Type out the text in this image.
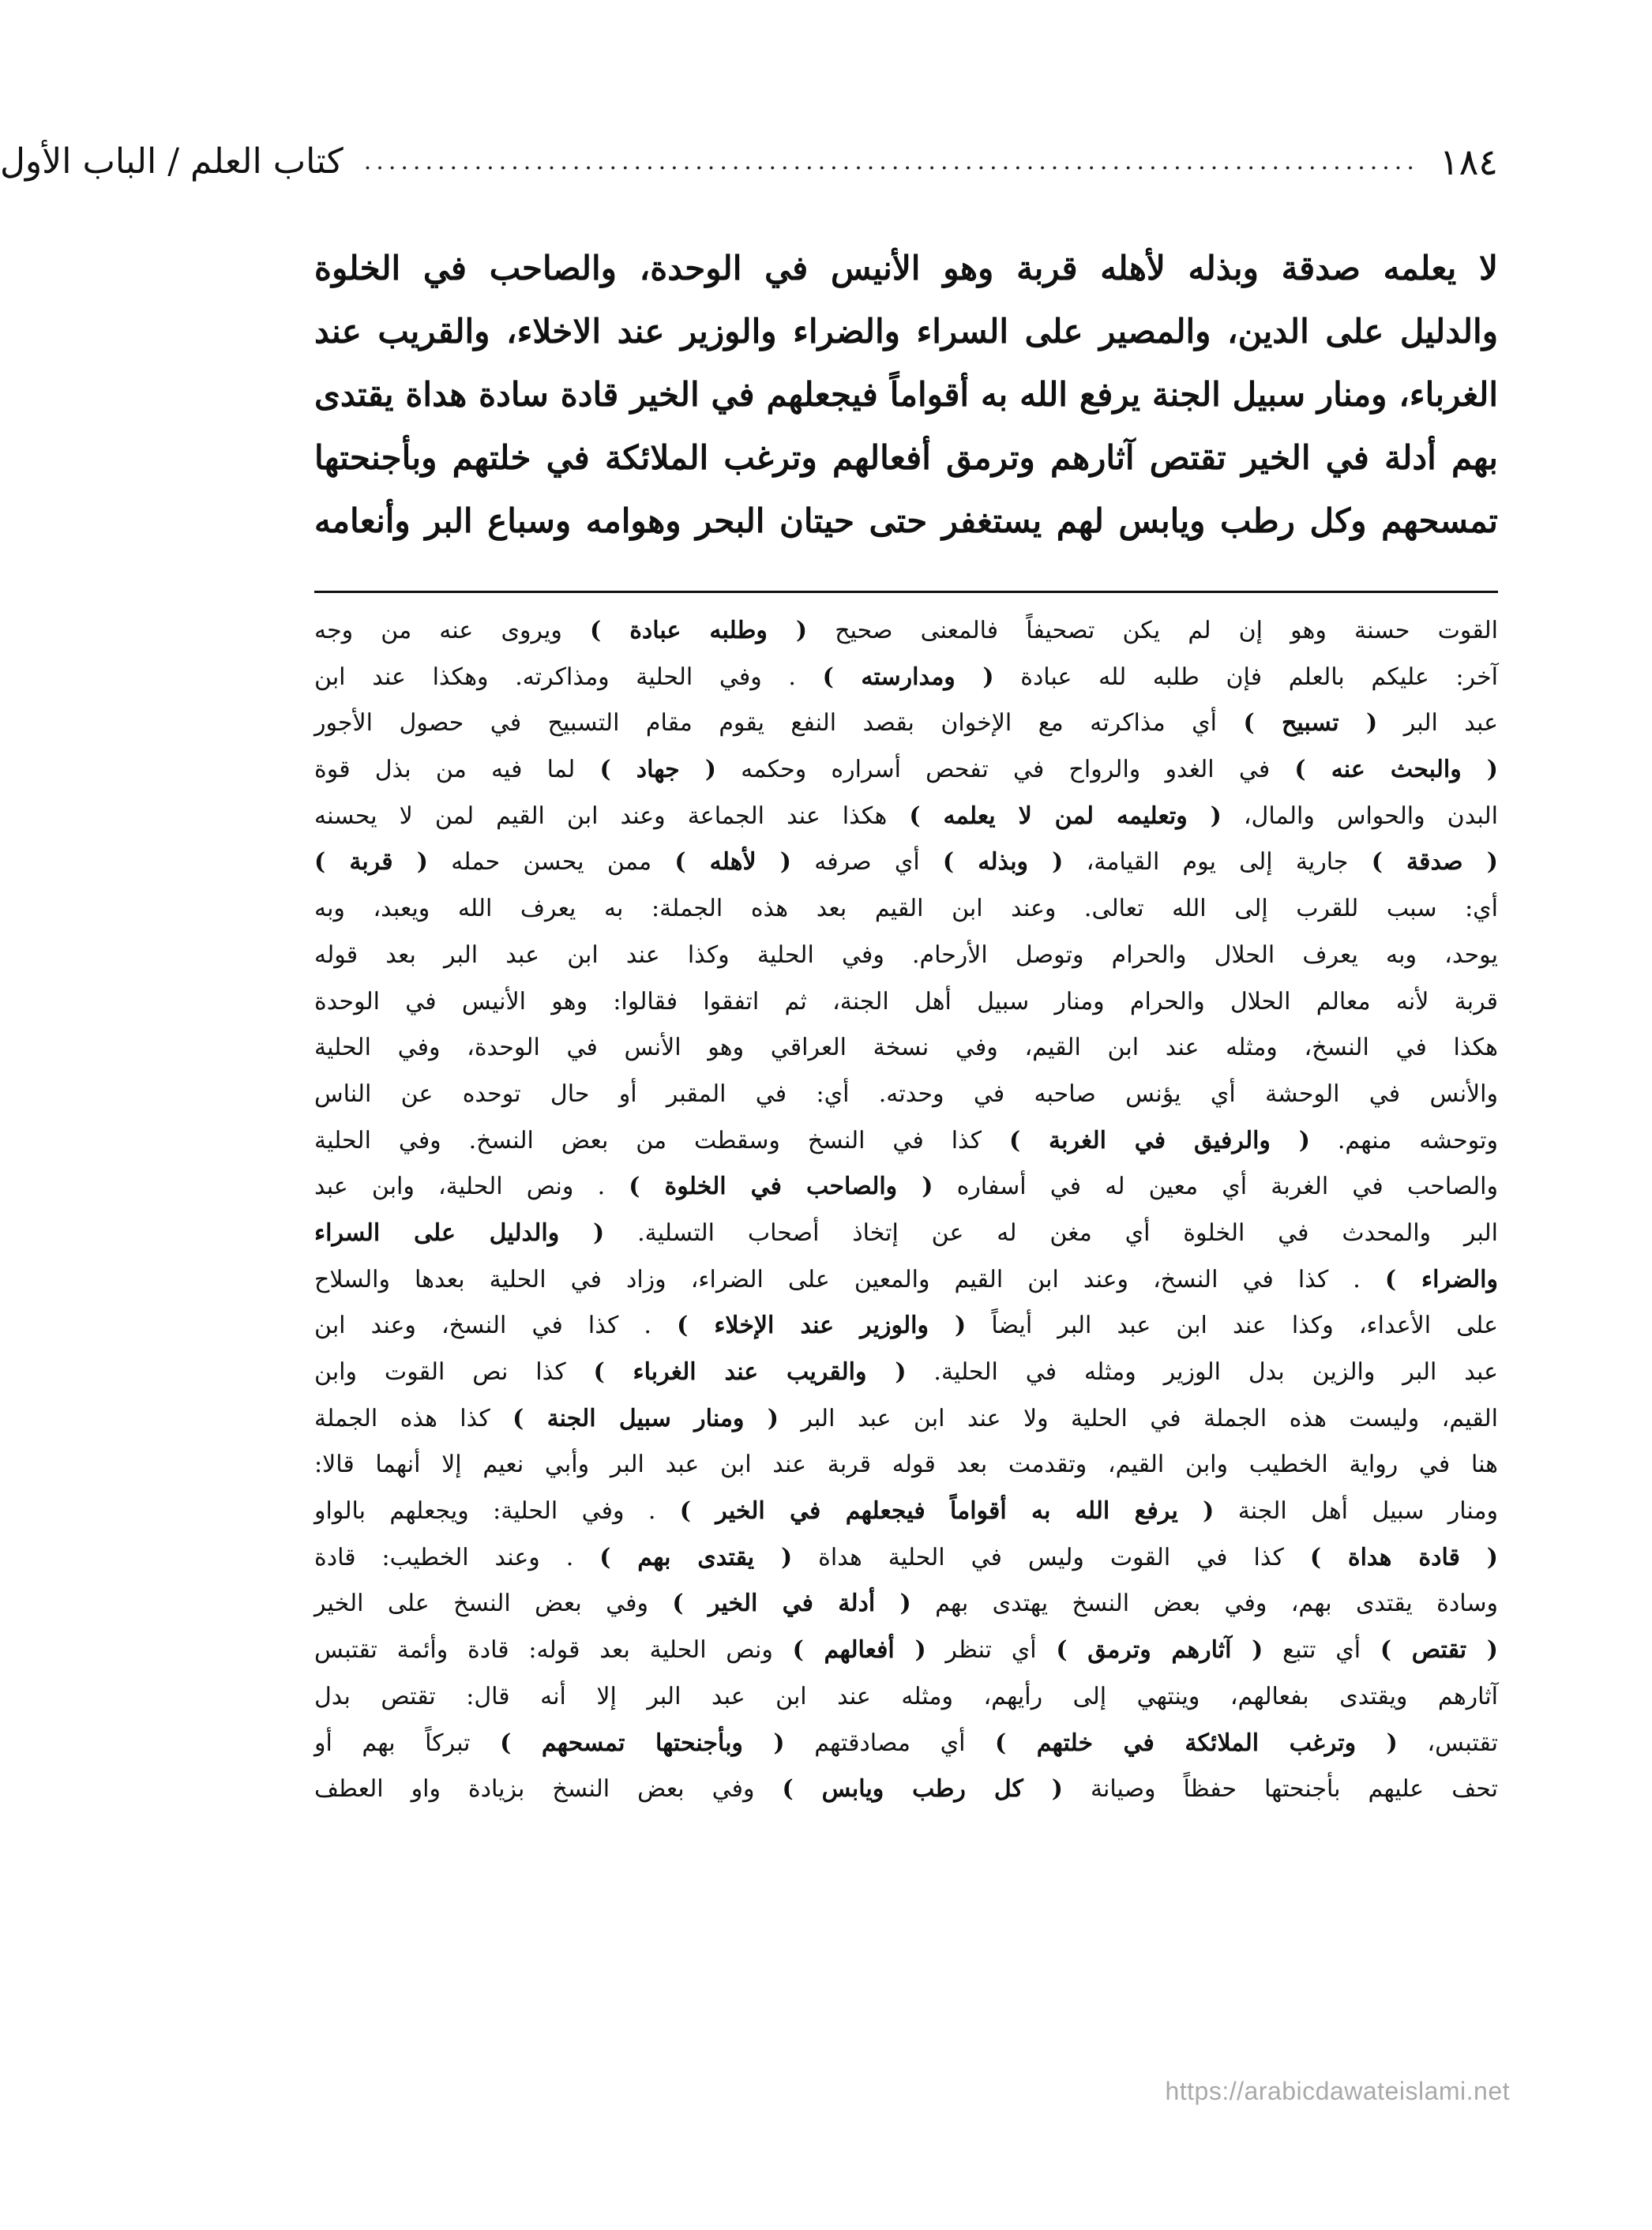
١٨٤
......................................................................................
كتاب العلم / الباب الأول
لا يعلمه صدقة وبذله لأهله قربة وهو الأنيس في الوحدة، والصاحب في الخلوة
والدليل على الدين، والمصير على السراء والضراء والوزير عند الاخلاء، والقريب عند
الغرباء، ومنار سبيل الجنة يرفع الله به أقواماً فيجعلهم في الخير قادة سادة هداة يقتدى
بهم أدلة في الخير تقتص آثارهم وترمق أفعالهم وترغب الملائكة في خلتهم وبأجنحتها
تمسحهم وكل رطب ويابس لهم يستغفر حتى حيتان البحر وهوامه وسباع البر وأنعامه
القوت حسنة وهو إن لم يكن تصحيفاً فالمعنى صحيح ( وطلبه عبادة ) ويروى عنه من وجه
آخر: عليكم بالعلم فإن طلبه لله عبادة ( ومدارسته ) . وفي الحلية ومذاكرته. وهكذا عند ابن
عبد البر ( تسبيح ) أي مذاكرته مع الإخوان بقصد النفع يقوم مقام التسبيح في حصول الأجور
( والبحث عنه ) في الغدو والرواح في تفحص أسراره وحكمه ( جهاد ) لما فيه من بذل قوة
البدن والحواس والمال، ( وتعليمه لمن لا يعلمه ) هكذا عند الجماعة وعند ابن القيم لمن لا يحسنه
( صدقة ) جارية إلى يوم القيامة، ( وبذله ) أي صرفه ( لأهله ) ممن يحسن حمله ( قربة )
أي: سبب للقرب إلى الله تعالى. وعند ابن القيم بعد هذه الجملة: به يعرف الله ويعبد، وبه
يوحد، وبه يعرف الحلال والحرام وتوصل الأرحام. وفي الحلية وكذا عند ابن عبد البر بعد قوله
قربة لأنه معالم الحلال والحرام ومنار سبيل أهل الجنة، ثم اتفقوا فقالوا: وهو الأنيس في الوحدة
هكذا في النسخ، ومثله عند ابن القيم، وفي نسخة العراقي وهو الأنس في الوحدة، وفي الحلية
والأنس في الوحشة أي يؤنس صاحبه في وحدته. أي: في المقبر أو حال توحده عن الناس
وتوحشه منهم. ( والرفيق في الغربة ) كذا في النسخ وسقطت من بعض النسخ. وفي الحلية
والصاحب في الغربة أي معين له في أسفاره ( والصاحب في الخلوة ) . ونص الحلية، وابن عبد
البر والمحدث في الخلوة أي مغن له عن إتخاذ أصحاب التسلية. ( والدليل على السراء
والضراء ) . كذا في النسخ، وعند ابن القيم والمعين على الضراء، وزاد في الحلية بعدها والسلاح
على الأعداء، وكذا عند ابن عبد البر أيضاً ( والوزير عند الإخلاء ) . كذا في النسخ، وعند ابن
عبد البر والزين بدل الوزير ومثله في الحلية. ( والقريب عند الغرباء ) كذا نص القوت وابن
القيم، وليست هذه الجملة في الحلية ولا عند ابن عبد البر ( ومنار سبيل الجنة ) كذا هذه الجملة
هنا في رواية الخطيب وابن القيم، وتقدمت بعد قوله قربة عند ابن عبد البر وأبي نعيم إلا أنهما قالا:
ومنار سبيل أهل الجنة ( يرفع الله به أقواماً فيجعلهم في الخير ) . وفي الحلية: ويجعلهم بالواو
( قادة هداة ) كذا في القوت وليس في الحلية هداة ( يقتدى بهم ) . وعند الخطيب: قادة
وسادة يقتدى بهم، وفي بعض النسخ يهتدى بهم ( أدلة في الخير ) وفي بعض النسخ على الخير
( تقتص ) أي تتبع ( آثارهم وترمق ) أي تنظر ( أفعالهم ) ونص الحلية بعد قوله: قادة وأئمة تقتبس
آثارهم ويقتدى بفعالهم، وينتهي إلى رأيهم، ومثله عند ابن عبد البر إلا أنه قال: تقتص بدل
تقتبس، ( وترغب الملائكة في خلتهم ) أي مصادقتهم ( وبأجنحتها تمسحهم ) تبركاً بهم أو
تحف عليهم بأجنحتها حفظاً وصيانة ( كل رطب ويابس ) وفي بعض النسخ بزيادة واو العطف
https://arabicdawateislami.net
